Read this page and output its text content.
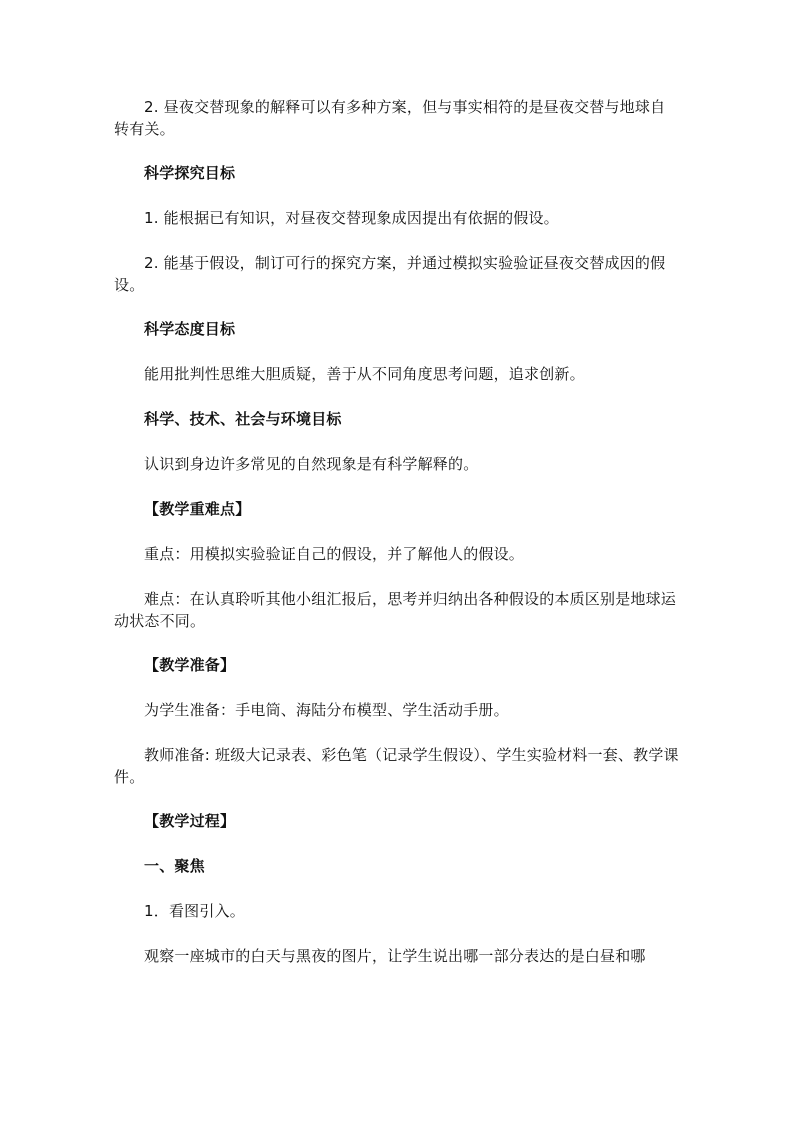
2. 昼夜交替现象的解释可以有多种方案，但与事实相符的是昼夜交替与地球自转有关。

科学探究目标

1. 能根据已有知识，对昼夜交替现象成因提出有依据的假设。

2. 能基于假设，制订可行的探究方案，并通过模拟实验验证昼夜交替成因的假设。

科学态度目标

能用批判性思维大胆质疑，善于从不同角度思考问题，追求创新。

科学、技术、社会与环境目标

认识到身边许多常见的自然现象是有科学解释的。

【教学重难点】

重点：用模拟实验验证自己的假设，并了解他人的假设。

难点：在认真聆听其他小组汇报后，思考并归纳出各种假设的本质区别是地球运动状态不同。

【教学准备】

为学生准备：手电筒、海陆分布模型、学生活动手册。

教师准备: 班级大记录表、彩色笔（记录学生假设）、学生实验材料一套、教学课件。

【教学过程】

一、聚焦

1．看图引入。

观察一座城市的白天与黑夜的图片，让学生说出哪一部分表达的是白昼和哪
